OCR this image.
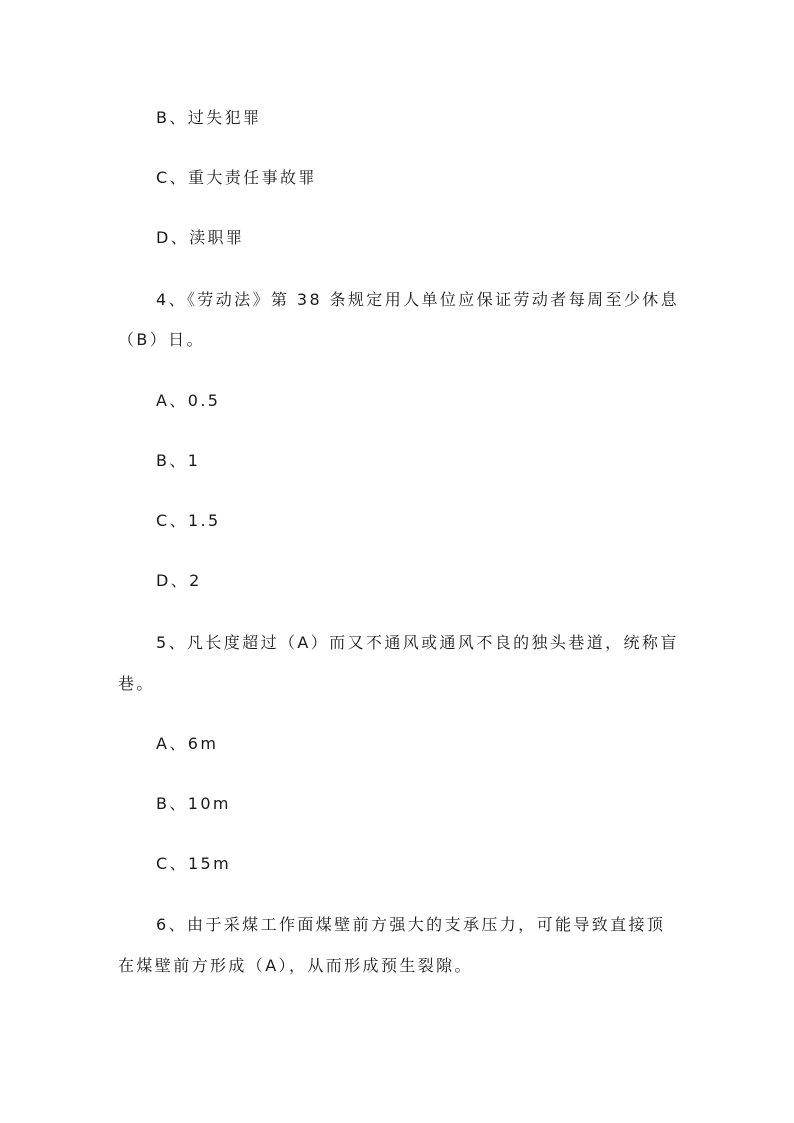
B、过失犯罪
C、重大责任事故罪
D、渎职罪
4、《劳动法》第 38 条规定用人单位应保证劳动者每周至少休息
（B）日。
A、0.5
B、1
C、1.5
D、2
5、凡长度超过（A）而又不通风或通风不良的独头巷道，统称盲
巷。
A、6m
B、10m
C、15m
6、由于采煤工作面煤壁前方强大的支承压力，可能导致直接顶
在煤壁前方形成（A），从而形成预生裂隙。
